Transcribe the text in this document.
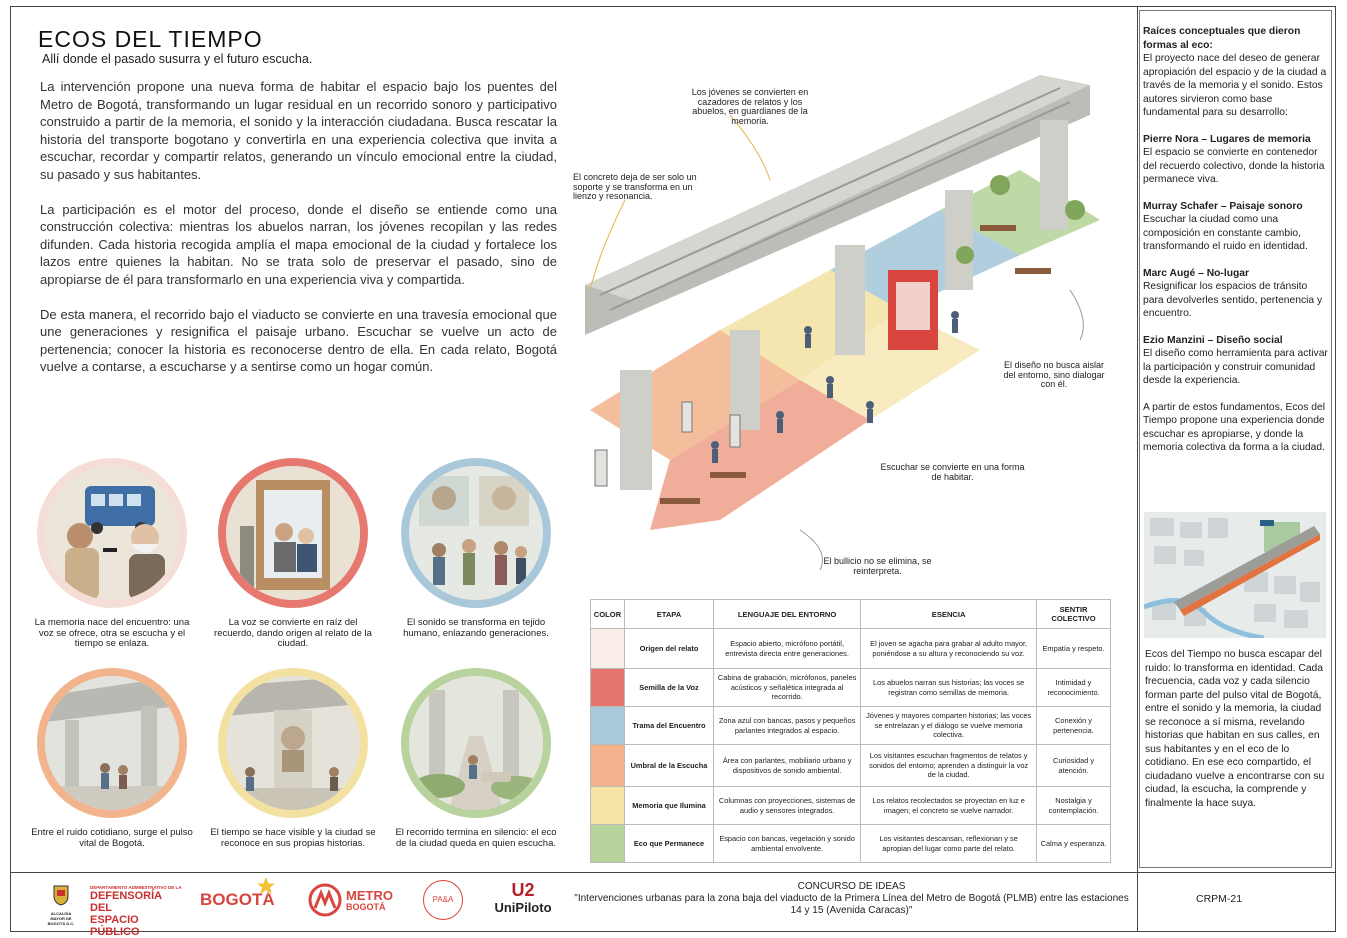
ECOS DEL TIEMPO
Allí donde el pasado susurra y el futuro escucha.

La intervención propone una nueva forma de habitar el espacio bajo los puentes del Metro de Bogotá, transformando un lugar residual en un recorrido sonoro y participativo construido a partir de la memoria, el sonido y la interacción ciudadana. Busca rescatar la historia del transporte bogotano y convertirla en una experiencia colectiva que invita a escuchar, recordar y compartir relatos, generando un vínculo emocional entre la ciudad, su pasado y sus habitantes.

La participación es el motor del proceso, donde el diseño se entiende como una construcción colectiva: mientras los abuelos narran, los jóvenes recopilan y las redes difunden. Cada historia recogida amplía el mapa emocional de la ciudad y fortalece los lazos entre quienes la habitan. No se trata solo de preservar el pasado, sino de apropiarse de él para transformarlo en una experiencia viva y compartida.

De esta manera, el recorrido bajo el viaducto se convierte en una travesía emocional que une generaciones y resignifica el paisaje urbano. Escuchar se vuelve un acto de pertenencia; conocer la historia es reconocerse dentro de ella. En cada relato, Bogotá vuelve a contarse, a escucharse y a sentirse como un hogar común.

La memoria nace del encuentro: una voz se ofrece, otra se escucha y el tiempo se enlaza.
La voz se convierte en raíz del recuerdo, dando origen al relato de la ciudad.
El sonido se transforma en tejido humano, enlazando generaciones.
Entre el ruido cotidiano, surge el pulso vital de Bogotá.
El tiempo se hace visible y la ciudad se reconoce en sus propias historias.
El recorrido termina en silencio: el eco de la ciudad queda en quien escucha.
Los jóvenes se convierten en cazadores de relatos y los abuelos, en guardianes de la memoria.
El concreto deja de ser solo un soporte y se transforma en un lienzo y resonancia.
El diseño no busca aislar del entorno, sino dialogar con él.
Escuchar se convierte en una forma de habitar.
El bullicio no se elimina, se reinterpreta.
COLOR	ETAPA	LENGUAJE DEL ENTORNO	ESENCIA	SENTIR COLECTIVO
	Origen del relato	Espacio abierto, micrófono portátil, entrevista directa entre generaciones.	El joven se agacha para grabar al adulto mayor, poniéndose a su altura y reconociendo su voz.	Empatía y respeto.
	Semilla de la Voz	Cabina de grabación, micrófonos, paneles acústicos y señalética integrada al recorrido.	Los abuelos narran sus historias; las voces se registran como semillas de memoria.	Intimidad y reconocimiento.
	Trama del Encuentro	Zona azul con bancas, pasos y pequeños parlantes integrados al espacio.	Jóvenes y mayores comparten historias; las voces se entrelazan y el diálogo se vuelve memoria colectiva.	Conexión y pertenencia.
	Umbral de la Escucha	Área con parlantes, mobiliario urbano y dispositivos de sonido ambiental.	Los visitantes escuchan fragmentos de relatos y sonidos del entorno; aprenden a distinguir la voz de la ciudad.	Curiosidad y atención.
	Memoria que Ilumina	Columnas con proyecciones, sistemas de audio y sensores integrados.	Los relatos recolectados se proyectan en luz e imagen; el concreto se vuelve narrador.	Nostalgia y contemplación.
	Eco que Permanece	Espacio con bancas, vegetación y sonido ambiental envolvente.	Los visitantes descansan, reflexionan y se apropian del lugar como parte del relato.	Calma y esperanza.
Raíces conceptuales que dieron formas al eco:

El proyecto nace del deseo de generar apropiación del espacio y de la ciudad a través de la memoria y el sonido. Estos autores sirvieron como base fundamental para su desarrollo:

Pierre Nora – Lugares de memoria

El espacio se convierte en contenedor del recuerdo colectivo, donde la historia permanece viva.

Murray Schafer – Paisaje sonoro

Escuchar la ciudad como una composición en constante cambio, transformando el ruido en identidad.

Marc Augé – No-lugar

Resignificar los espacios de tránsito para devolverles sentido, pertenencia y encuentro.

Ezio Manzini – Diseño social

El diseño como herramienta para activar la participación y construir comunidad desde la experiencia.

A partir de estos fundamentos, Ecos del Tiempo propone una experiencia donde escuchar es apropiarse, y donde la memoria colectiva da forma a la ciudad.

Ecos del Tiempo no busca escapar del ruido: lo transforma en identidad. Cada frecuencia, cada voz y cada silencio forman parte del pulso vital de Bogotá, entre el sonido y la memoria, la ciudad se reconoce a sí misma, revelando historias que habitan en sus calles, en sus habitantes y en el eco de lo cotidiano. En ese eco compartido, el ciudadano vuelve a encontrarse con su ciudad, la escucha, la comprende y finalmente la hace suya.
ALCALDÍA MAYOR DE BOGOTÁ D.C.
DEPARTAMENTO ADMINISTRATIVO DE LA
DEFENSORÍA DEL
ESPACIO PÚBLICO
BOGOTÁ	METRO
BOGOTÁ
PA&A	U2
UniPiloto
CONCURSO DE IDEAS
"Intervenciones urbanas para la zona baja del viaducto de la Primera Línea del Metro de Bogotá (PLMB) entre las estaciones 14 y 15 (Avenida Caracas)"
CRPM-21
